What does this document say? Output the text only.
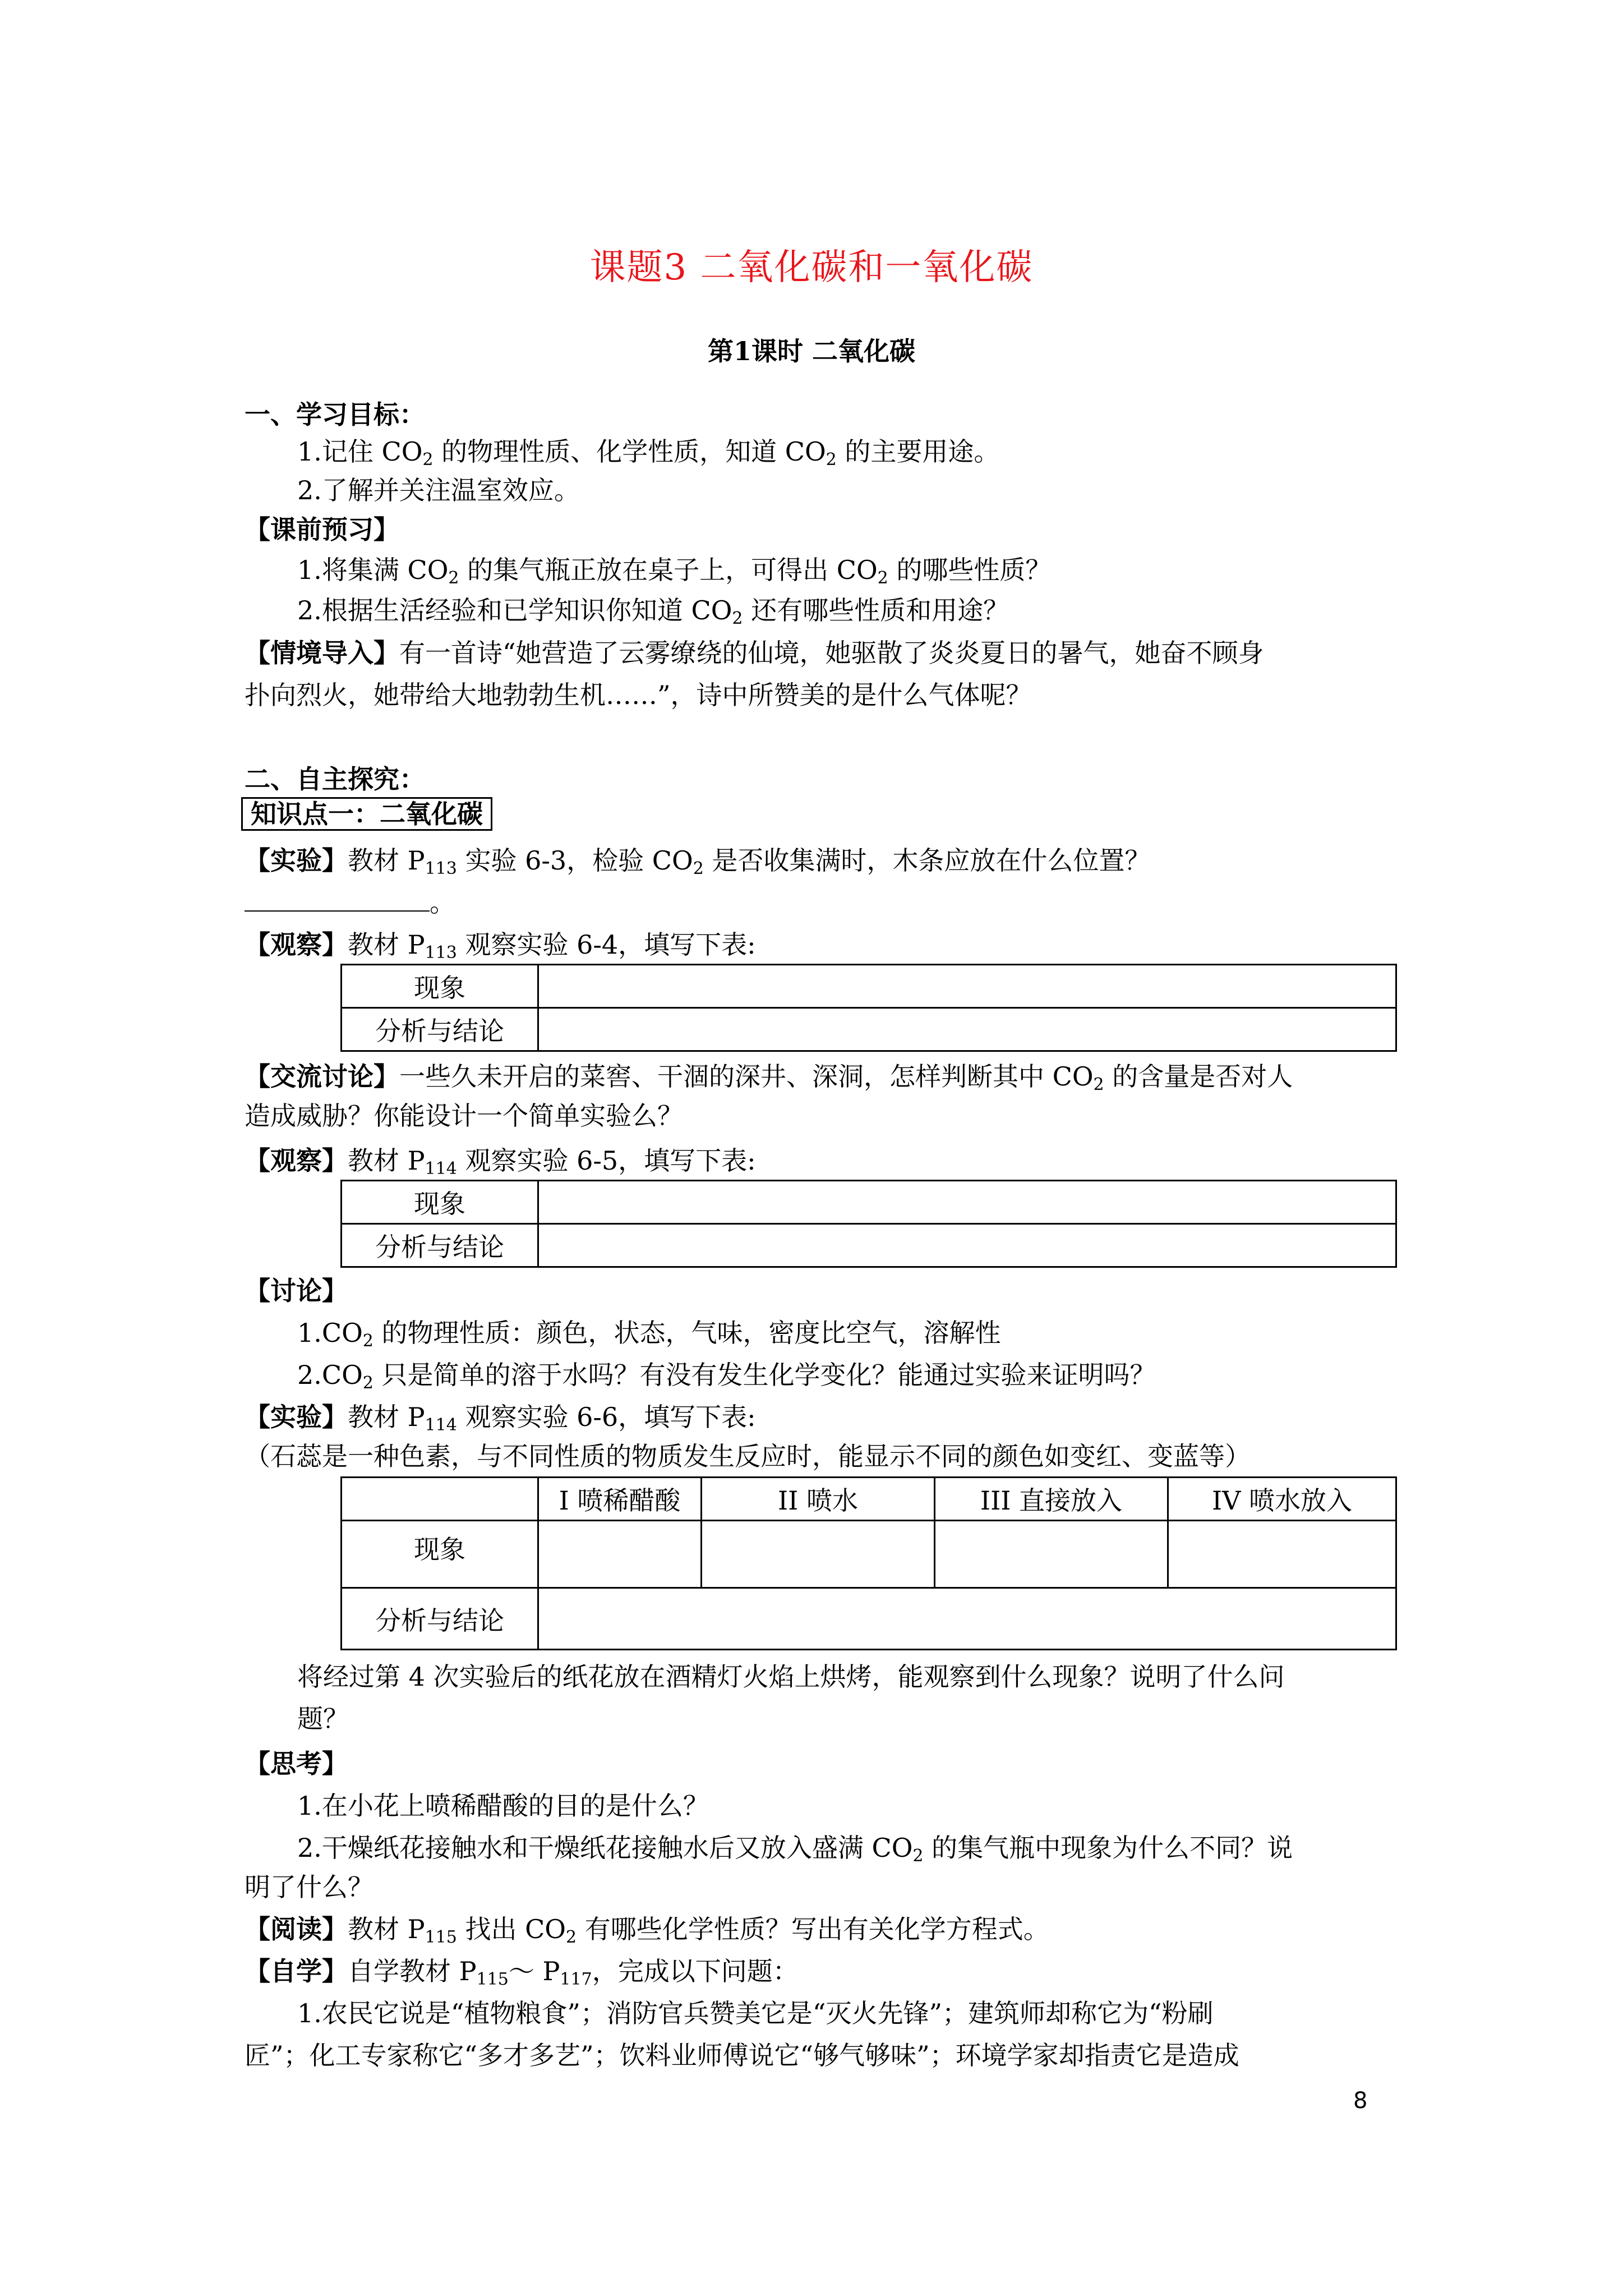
课题3 二氧化碳和一氧化碳
第1课时 二氧化碳
一、学习目标：
1.记住 $CO_2$ 的物理性质、化学性质，知道 $CO_2$ 的主要用途。
2.了解并关注温室效应。
【课前预习】
1.将集满 $CO_2$ 的集气瓶正放在桌子上，可得出 $CO_2$ 的哪些性质？
2.根据生活经验和已学知识你知道 $CO_2$ 还有哪些性质和用途？
【情境导入】有一首诗“她营造了云雾缭绕的仙境，她驱散了炎炎夏日的暑气，她奋不顾身
扑向烈火，她带给大地勃勃生机……”，诗中所赞美的是什么气体呢？
二、自主探究：
知识点一：二氧化碳
【实验】教材 $P_{113}$ 实验 6-3，检验 $CO_2$ 是否收集满时，木条应放在什么位置？
。
【观察】教材 $P_{113}$ 观察实验 6-4，填写下表:
现象	
分析与结论	
【交流讨论】一些久未开启的菜窖、干涸的深井、深洞，怎样判断其中 $CO_2$ 的含量是否对人
造成威胁？你能设计一个简单实验么？
【观察】教材 $P_{114}$ 观察实验 6-5，填写下表:
现象	
分析与结论	
【讨论】
$1.CO_2$ 的物理性质：颜色，状态，气味，密度比空气，溶解性
$2.CO_2$ 只是简单的溶于水吗？有没有发生化学变化？能通过实验来证明吗？
【实验】教材 $P_{114}$ 观察实验 6-6，填写下表:
（石蕊是一种色素，与不同性质的物质发生反应时，能显示不同的颜色如变红、变蓝等）
	I 喷稀醋酸	II 喷水	III 直接放入	IV 喷水放入
现象				
分析与结论				
将经过第 4 次实验后的纸花放在酒精灯火焰上烘烤，能观察到什么现象？说明了什么问
题？
【思考】
1.在小花上喷稀醋酸的目的是什么？
2.干燥纸花接触水和干燥纸花接触水后又放入盛满 $CO_2$ 的集气瓶中现象为什么不同？说
明了什么？
【阅读】教材 $P_{115}$ 找出 $CO_2$ 有哪些化学性质？写出有关化学方程式。
【自学】自学教材 $P_{115}\sim$ $P_{117}$，完成以下问题：
1.农民它说是“植物粮食”；消防官兵赞美它是“灭火先锋”；建筑师却称它为“粉刷
匠”；化工专家称它“多才多艺”；饮料业师傅说它“够气够味”；环境学家却指责它是造成
8
